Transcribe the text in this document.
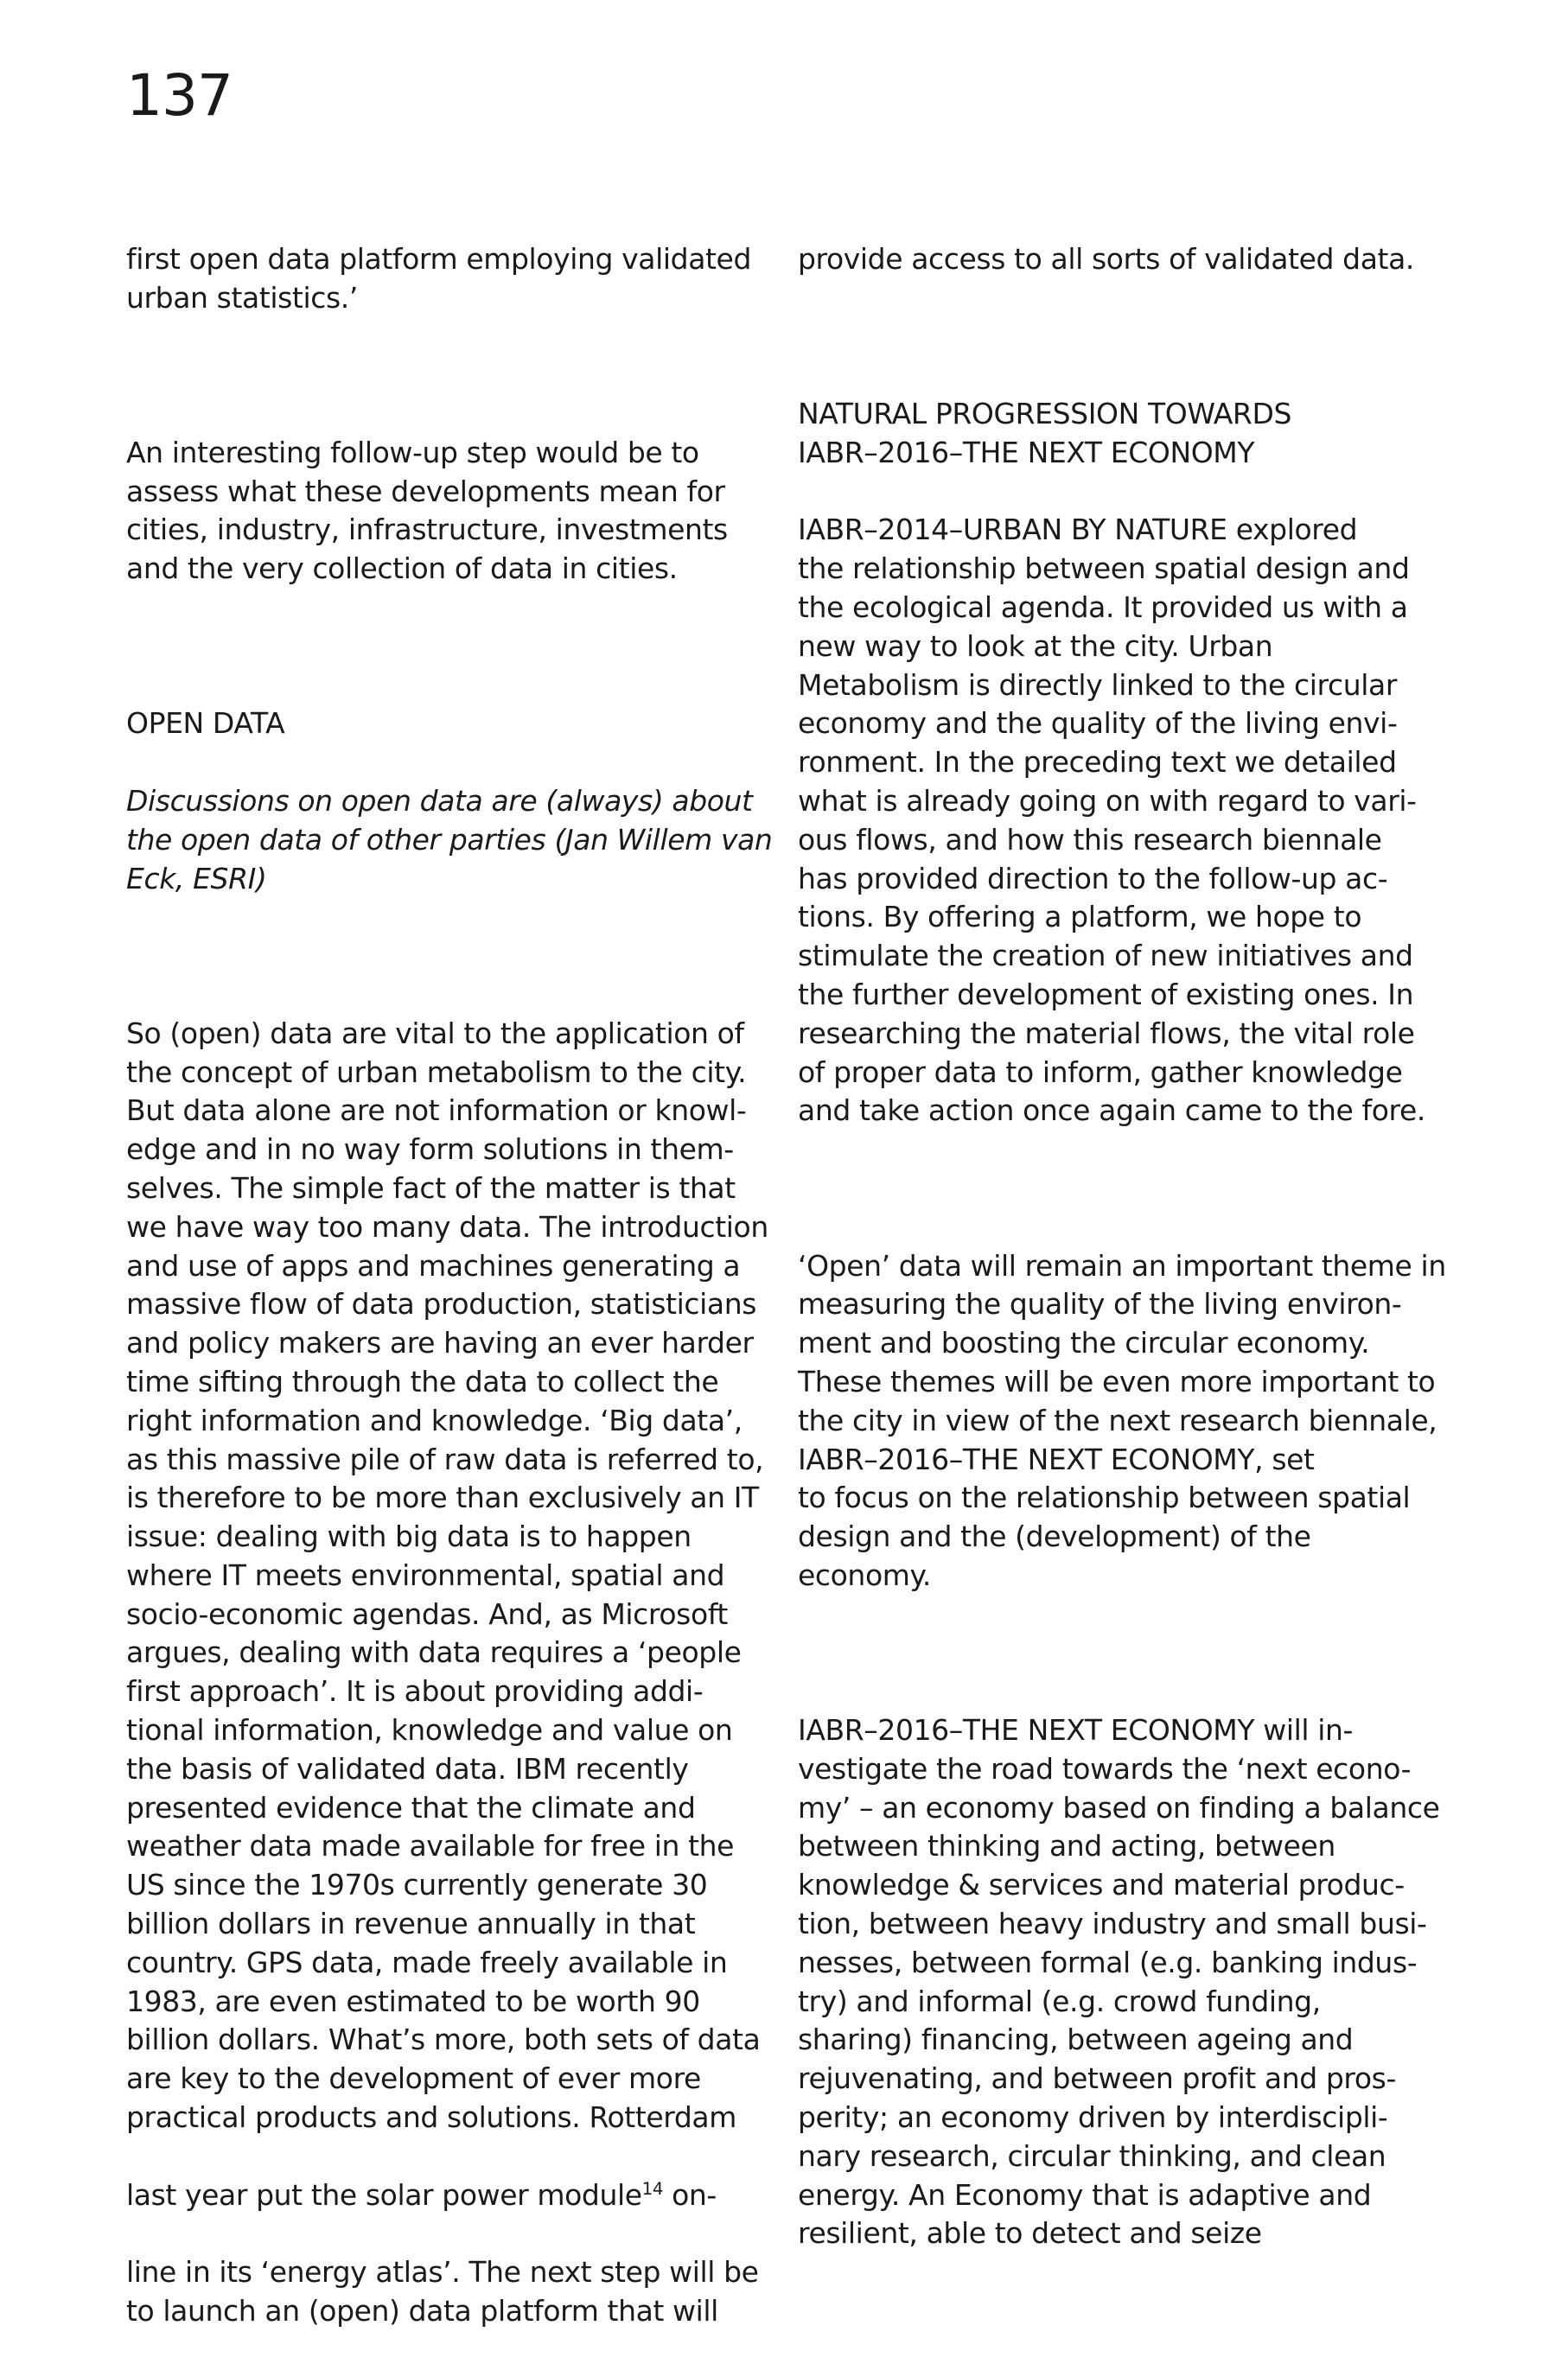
137

first open data platform employing validated
urban statistics.’

An interesting follow-up step would be to
assess what these developments mean for
cities, industry, infrastructure, investments
and the very collection of data in cities.

OPEN DATA

Discussions on open data are (always) about
the open data of other parties (Jan Willem van
Eck, ESRI)

So (open) data are vital to the application of
the concept of urban metabolism to the city.
But data alone are not information or knowl-
edge and in no way form solutions in them-
selves. The simple fact of the matter is that
we have way too many data. The introduction
and use of apps and machines generating a
massive flow of data production, statisticians
and policy makers are having an ever harder
time sifting through the data to collect the
right information and knowledge. ‘Big data’,
as this massive pile of raw data is referred to,
is therefore to be more than exclusively an IT
issue: dealing with big data is to happen
where IT meets environmental, spatial and
socio-economic agendas. And, as Microsoft
argues, dealing with data requires a ‘people
first approach’. It is about providing addi-
tional information, knowledge and value on
the basis of validated data. IBM recently
presented evidence that the climate and
weather data made available for free in the
US since the 1970s currently generate 30
billion dollars in revenue annually in that
country. GPS data, made freely available in
1983, are even estimated to be worth 90
billion dollars. What’s more, both sets of data
are key to the development of ever more
practical products and solutions. Rotterdam

last year put the solar power module$^{14}$ on-

line in its ‘energy atlas’. The next step will be
to launch an (open) data platform that will

provide access to all sorts of validated data.

NATURAL PROGRESSION TOWARDS
IABR–2016–THE NEXT ECONOMY

IABR–2014–URBAN BY NATURE explored
the relationship between spatial design and
the ecological agenda. It provided us with a
new way to look at the city. Urban
Metabolism is directly linked to the circular
economy and the quality of the living envi-
ronment. In the preceding text we detailed
what is already going on with regard to vari-
ous flows, and how this research biennale
has provided direction to the follow-up ac-
tions. By offering a platform, we hope to
stimulate the creation of new initiatives and
the further development of existing ones. In
researching the material flows, the vital role
of proper data to inform, gather knowledge
and take action once again came to the fore.

‘Open’ data will remain an important theme in
measuring the quality of the living environ-
ment and boosting the circular economy.
These themes will be even more important to
the city in view of the next research biennale,
IABR–2016–THE NEXT ECONOMY, set
to focus on the relationship between spatial
design and the (development) of the
economy.

IABR–2016–THE NEXT ECONOMY will in-
vestigate the road towards the ‘next econo-
my’ – an economy based on finding a balance
between thinking and acting, between
knowledge & services and material produc-
tion, between heavy industry and small busi-
nesses, between formal (e.g. banking indus-
try) and informal (e.g. crowd funding,
sharing) financing, between ageing and
rejuvenating, and between profit and pros-
perity; an economy driven by interdiscipli-
nary research, circular thinking, and clean
energy. An Economy that is adaptive and
resilient, able to detect and seize
